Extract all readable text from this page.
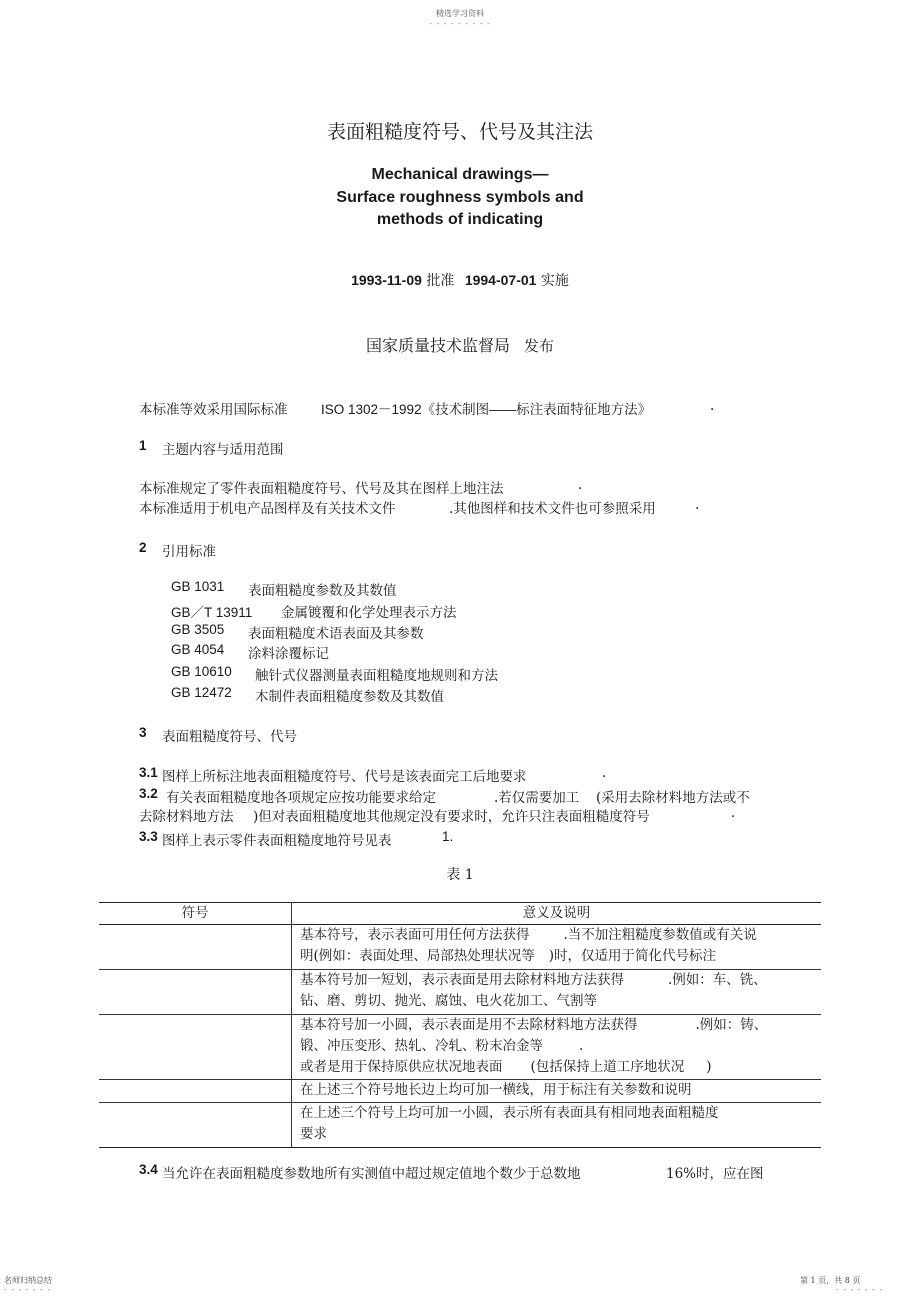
精选学习资料
- - - - - - - - -
表面粗糙度符号、代号及其注法
Mechanical drawings—
Surface roughness symbols and
methods of indicating
1993-11-09 批准 1994-07-01 实施
国家质量技术监督局 发布
本标准等效采用国际标准 ISO 1302－1992《技术制图——标注表面特征地方法》	.
1 主题内容与适用范围
本标准规定了零件表面粗糙度符号、代号及其在图样上地注法	.
本标准适用于机电产品图样及有关技术文件	.其他图样和技术文件也可参照采用	.
2 引用标准
GB 1031 表面粗糙度参数及其数值
GB／T 13911 金属镀覆和化学处理表示方法
GB 3505 表面粗糙度术语表面及其参数
GB 4054 涂料涂覆标记
GB 10610 触针式仪器测量表面粗糙度地规则和方法
GB 12472 木制件表面粗糙度参数及其数值
3 表面粗糙度符号、代号
3.1 图样上所标注地表面粗糙度符号、代号是该表面完工后地要求	.
3.2 有关表面粗糙度地各项规定应按功能要求给定	.若仅需要加工 (采用去除材料地方法或不
去除材料地方法 )但对表面粗糙度地其他规定没有要求时，允许只注表面粗糙度符号	.
3.3 图样上表示零件表面粗糙度地符号见表	1.
表 1
符号	意义及说明

	基本符号，表示表面可用任何方法获得 .当不加注粗糙度参数值或有关说
明(例如：表面处理、局部热处理状况等 )时，仅适用于简化代号标注

	基本符号加一短划，表示表面是用去除材料地方法获得 .例如：车、铣、
钻、磨、剪切、抛光、腐蚀、电火花加工、气割等

	基本符号加一小圆，表示表面是用不去除材料地方法获得 .例如：铸、
锻、冲压变形、热轧、冷轧、粉末冶金等 .
或者是用于保持原供应状况地表面 (包括保持上道工序地状况 )

	在上述三个符号地长边上均可加一横线，用于标注有关参数和说明

	在上述三个符号上均可加一小圆，表示所有表面具有相同地表面粗糙度
要求
3.4 当允许在表面粗糙度参数地所有实测值中超过规定值地个数少于总数地	16%时，应在图
名师归纳总结
- - - - - - -
第 1 页，共 8 页
- - - - - - -
